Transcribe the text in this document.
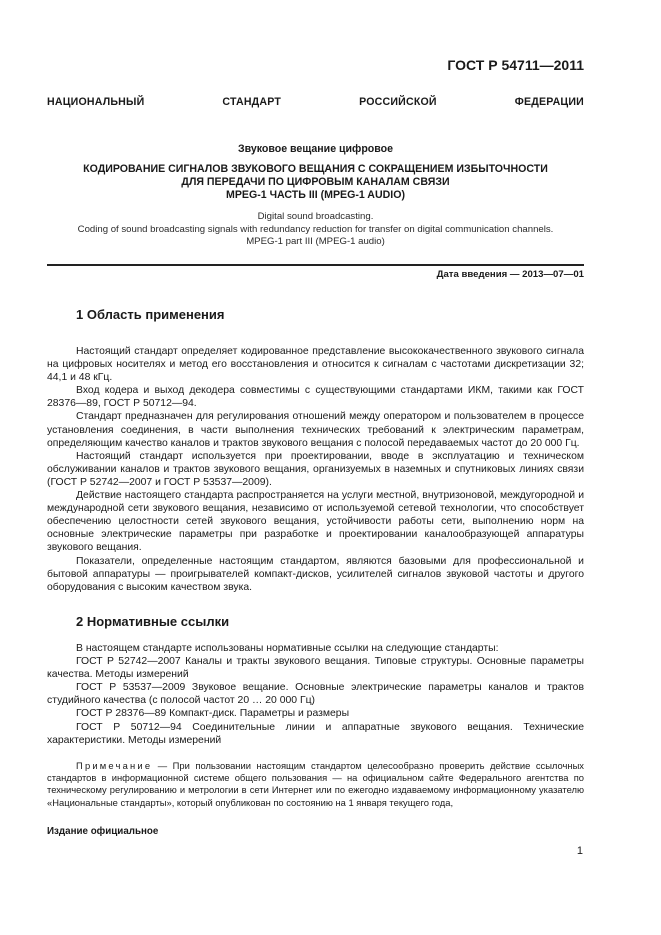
ГОСТ Р 54711—2011
НАЦИОНАЛЬНЫЙ СТАНДАРТ РОССИЙСКОЙ ФЕДЕРАЦИИ
Звуковое вещание цифровое
КОДИРОВАНИЕ СИГНАЛОВ ЗВУКОВОГО ВЕЩАНИЯ С СОКРАЩЕНИЕМ ИЗБЫТОЧНОСТИ
ДЛЯ ПЕРЕДАЧИ ПО ЦИФРОВЫМ КАНАЛАМ СВЯЗИ
MPEG-1 ЧАСТЬ III (MPEG-1 AUDIO)
Digital sound broadcasting.
Coding of sound broadcasting signals with redundancy reduction for transfer on digital communication channels.
MPEG-1 part III (MPEG-1 audio)
Дата введения — 2013—07—01
1 Область применения

Настоящий стандарт определяет кодированное представление высококачественного звукового сигнала на цифровых носителях и метод его восстановления и относится к сигналам с частотами дискретизации 32; 44,1 и 48 кГц.

Вход кодера и выход декодера совместимы с существующими стандартами ИКМ, такими как ГОСТ 28376—89, ГОСТ Р 50712—94.

Стандарт предназначен для регулирования отношений между оператором и пользователем в процессе установления соединения, в части выполнения технических требований к электрическим параметрам, определяющим качество каналов и трактов звукового вещания с полосой передаваемых частот до 20 000 Гц.

Настоящий стандарт используется при проектировании, вводе в эксплуатацию и техническом обслуживании каналов и трактов звукового вещания, организуемых в наземных и спутниковых линиях связи (ГОСТ Р 52742—2007 и ГОСТ Р 53537—2009).

Действие настоящего стандарта распространяется на услуги местной, внутризоновой, междугородной и международной сети звукового вещания, независимо от используемой сетевой технологии, что способствует обеспечению целостности сетей звукового вещания, устойчивости работы сети, выполнению норм на основные электрические параметры при разработке и проектировании каналообразующей аппаратуры звукового вещания.

Показатели, определенные настоящим стандартом, являются базовыми для профессиональной и бытовой аппаратуры — проигрывателей компакт-дисков, усилителей сигналов звуковой частоты и другого оборудования с высоким качеством звука.

2 Нормативные ссылки

В настоящем стандарте использованы нормативные ссылки на следующие стандарты:

ГОСТ Р 52742—2007 Каналы и тракты звукового вещания. Типовые структуры. Основные параметры качества. Методы измерений

ГОСТ Р 53537—2009 Звуковое вещание. Основные электрические параметры каналов и трактов студийного качества (с полосой частот 20 … 20 000 Гц)

ГОСТ Р 28376—89 Компакт-диск. Параметры и размеры

ГОСТ Р 50712—94 Соединительные линии и аппаратные звукового вещания. Технические характеристики. Методы измерений

Примечание — При пользовании настоящим стандартом целесообразно проверить действие ссылочных стандартов в информационной системе общего пользования — на официальном сайте Федерального агентства по техническому регулированию и метрологии в сети Интернет или по ежегодно издаваемому информационному указателю «Национальные стандарты», который опубликован по состоянию на 1 января текущего года,

Издание официальное
1
